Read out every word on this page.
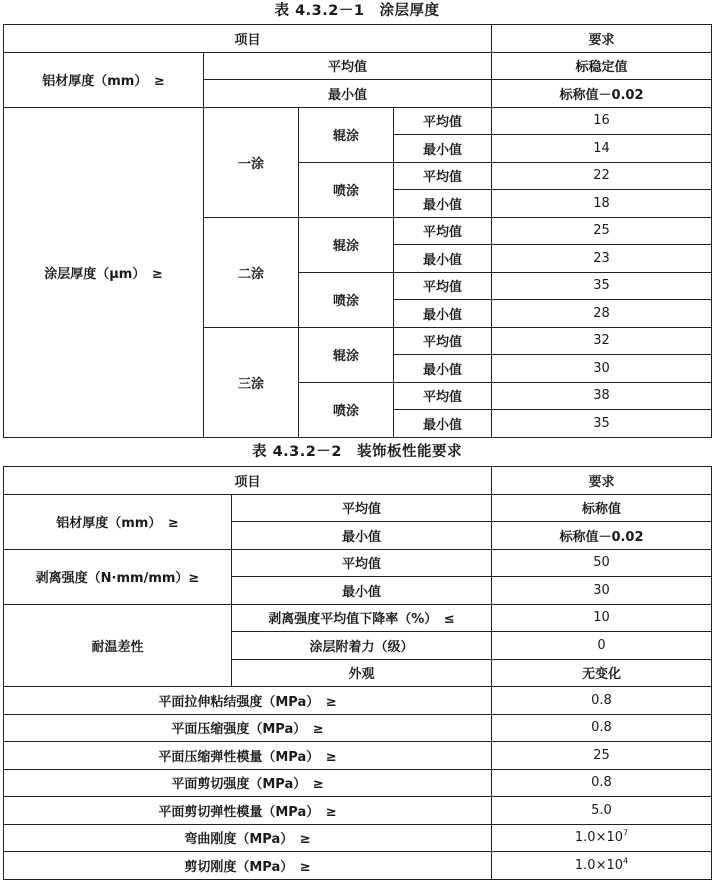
表 4.3.2－1　涂层厚度
项目				要求
铝材厚度（mm）　≥	平均值			标稳定值
	最小值			标称值－0.02
涂层厚度（μm）　≥	一涂	辊涂	平均值	16
			最小值	14
		喷涂	平均值	22
			最小值	18
	二涂	辊涂	平均值	25
			最小值	23
		喷涂	平均值	35
			最小值	28
	三涂	辊涂	平均值	32
			最小值	30
		喷涂	平均值	38
			最小值	35
表 4.3.2－2　装饰板性能要求
项目		要求
铝材厚度（mm）　≥	平均值	标称值
	最小值	标称值－0.02
剥离强度（N·mm/mm）≥	平均值	50
	最小值	30
耐温差性	剥离强度平均值下降率（%）　≤	10
	涂层附着力（级）	0
	外观	无变化
平面拉伸粘结强度（MPa）　≥		0.8
平面压缩强度（MPa）　≥		0.8
平面压缩弹性模量（MPa）　≥		25
平面剪切强度（MPa）　≥		0.8
平面剪切弹性模量（MPa）　≥		5.0
弯曲刚度（MPa）　≥		$1.0\times 10^7$
剪切刚度（MPa）　≥		$1.0\times 10^4$
